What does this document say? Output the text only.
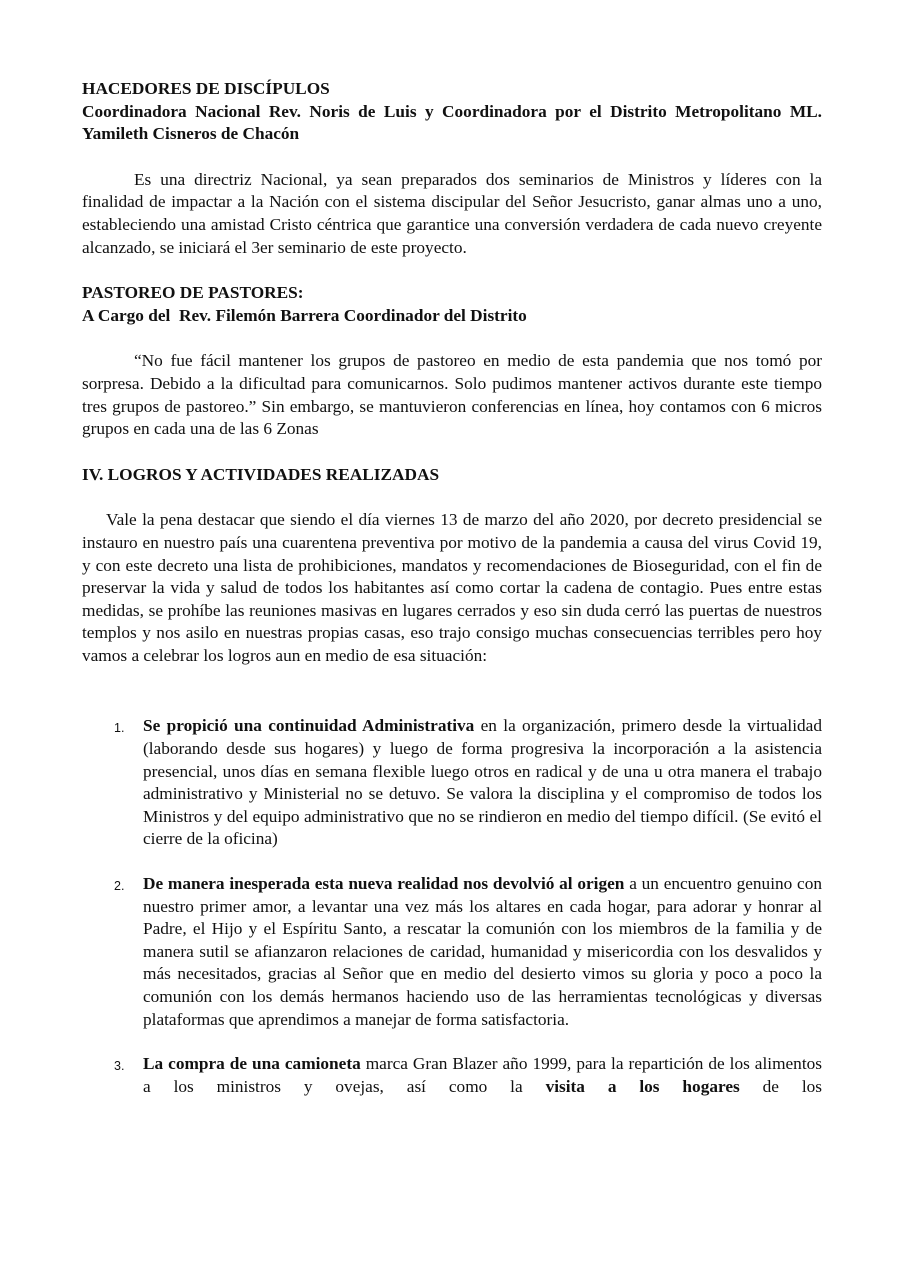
HACEDORES DE DISCÍPULOS

Coordinadora Nacional Rev. Noris de Luis y Coordinadora por el Distrito Metropolitano ML. Yamileth Cisneros de Chacón

Es una directriz Nacional, ya sean preparados dos seminarios de Ministros y líderes con la finalidad de impactar a la Nación con el sistema discipular del Señor Jesucristo, ganar almas uno a uno, estableciendo una amistad Cristo céntrica que garantice una conversión verdadera de cada nuevo creyente alcanzado, se iniciará el 3er seminario de este proyecto.

PASTOREO DE PASTORES:

A Cargo del  Rev. Filemón Barrera Coordinador del Distrito

“No fue fácil mantener los grupos de pastoreo en medio de esta pandemia que nos tomó por sorpresa. Debido a la dificultad para comunicarnos. Solo pudimos mantener activos durante este tiempo tres grupos de pastoreo.” Sin embargo, se mantuvieron conferencias en línea, hoy contamos con 6 micros grupos en cada una de las 6 Zonas

IV. LOGROS Y ACTIVIDADES REALIZADAS

Vale la pena destacar que siendo el día viernes 13 de marzo del año 2020, por decreto presidencial se instauro en nuestro país una cuarentena preventiva por motivo de la pandemia a causa del virus Covid 19, y con este decreto una lista de prohibiciones, mandatos y recomendaciones de Bioseguridad, con el fin de preservar la vida y salud de todos los habitantes así como cortar la cadena de contagio. Pues entre estas medidas, se prohíbe las reuniones masivas en lugares cerrados y eso sin duda cerró las puertas de nuestros templos y nos asilo en nuestras propias casas, eso trajo consigo muchas consecuencias terribles pero hoy vamos a celebrar los logros aun en medio de esa situación:

1. Se propició una continuidad Administrativa en la organización, primero desde la virtualidad (laborando desde sus hogares) y luego de forma progresiva la incorporación a la asistencia presencial, unos días en semana flexible luego otros en radical y de una u otra manera el trabajo administrativo y Ministerial no se detuvo. Se valora la disciplina y el compromiso de todos los Ministros y del equipo administrativo que no se rindieron en medio del tiempo difícil. (Se evitó el cierre de la oficina)

2. De manera inesperada esta nueva realidad nos devolvió al origen a un encuentro genuino con nuestro primer amor, a levantar una vez más los altares en cada hogar, para adorar y honrar al Padre, el Hijo y el Espíritu Santo, a rescatar la comunión con los miembros de la familia y de manera sutil se afianzaron relaciones de caridad, humanidad y misericordia con los desvalidos y más necesitados, gracias al Señor que en medio del desierto vimos su gloria y poco a poco la comunión con los demás hermanos haciendo uso de las herramientas tecnológicas y diversas plataformas que aprendimos a manejar de forma satisfactoria.

3. La compra de una camioneta marca Gran Blazer año 1999, para la repartición de los alimentos a los ministros y ovejas, así como la visita a los hogares de los
